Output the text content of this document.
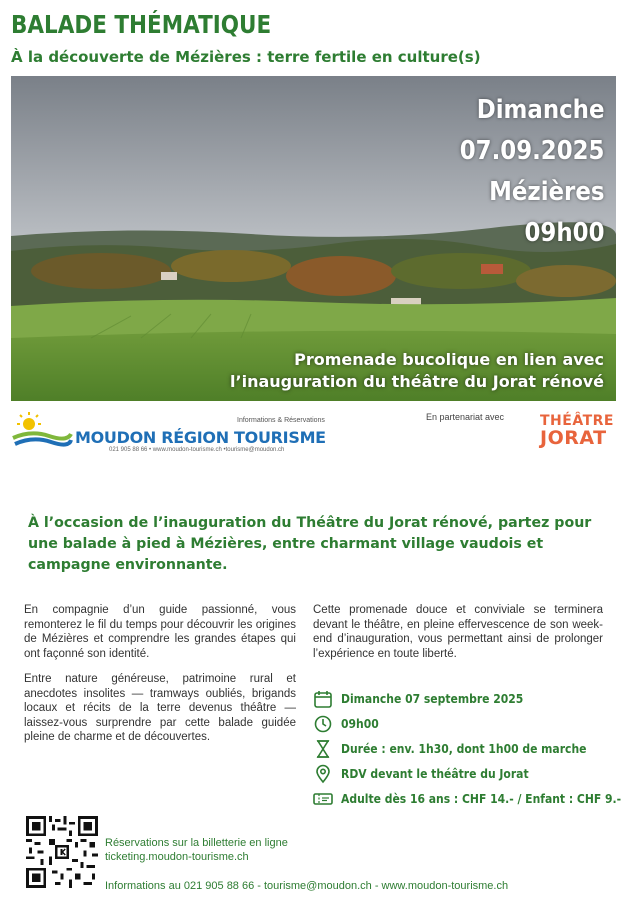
BALADE THÉMATIQUE
À la découverte de Mézières : terre fertile en culture(s)
Dimanche
07.09.2025
Mézières
09h00
Promenade bucolique en lien avec
l’inauguration du théâtre du Jorat rénové
Informations & Réservations
MOUDON RÉGION TOURISME
021 905 88 66 • www.moudon-tourisme.ch •tourisme@moudon.ch
En partenariat avec	THÉÂTRE
JORAT
À l’occasion de l’inauguration du Théâtre du Jorat rénové, partez pour une balade à pied à Mézières, entre charmant village vaudois et campagne environnante.

En compagnie d’un guide passionné, vous remonterez le fil du temps pour découvrir les origines de Mézières et comprendre les grandes étapes qui ont façonné son identité.

Entre nature généreuse, patrimoine rural et anecdotes insolites — tramways oubliés, brigands locaux et récits de la terre devenus théâtre — laissez-vous surprendre par cette balade guidée pleine de charme et de découvertes.

Cette promenade douce et conviviale se terminera devant le théâtre, en pleine effervescence de son week-end d’inauguration, vous permettant ainsi de prolonger l’expérience en toute liberté.

Dimanche 07 septembre 2025
09h00
Durée : env. 1h30, dont 1h00 de marche
RDV devant le théâtre du Jorat
Adulte dès 16 ans : CHF 14.- / Enfant : CHF 9.-
Réservations sur la billetterie en ligne
ticketing.moudon-tourisme.ch
Informations au 021 905 88 66 - tourisme@moudon.ch - www.moudon-tourisme.ch
